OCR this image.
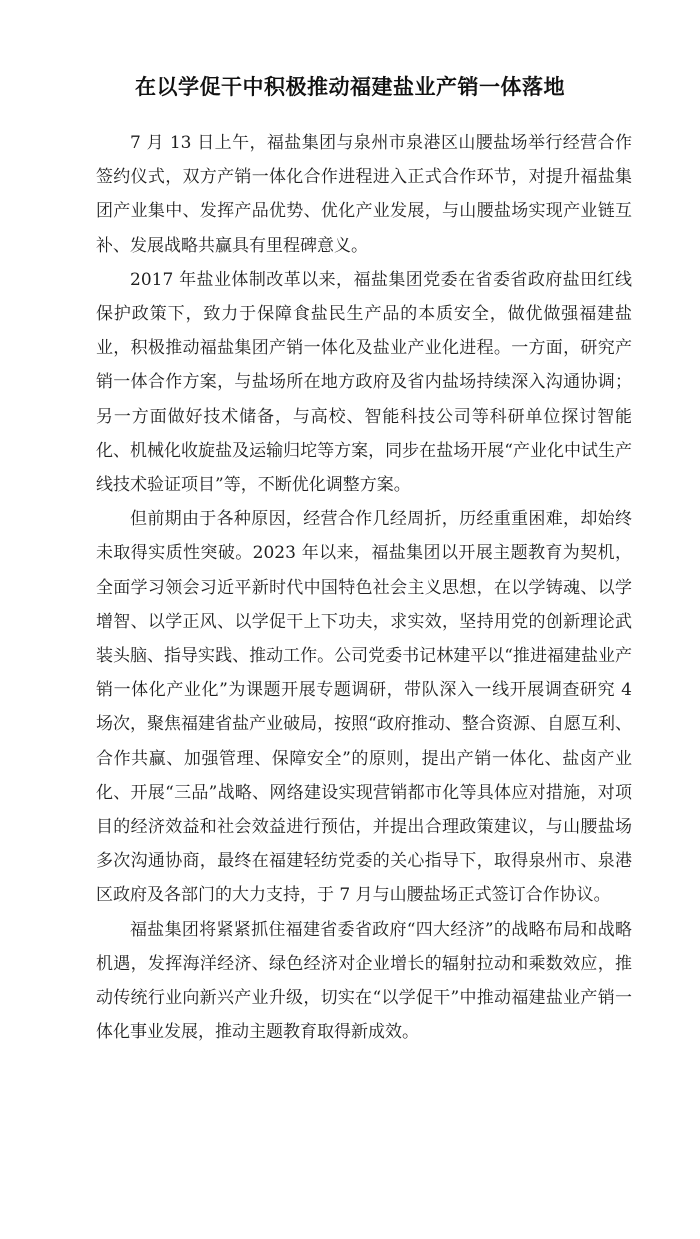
在以学促干中积极推动福建盐业产销一体落地

7 月 13 日上午，福盐集团与泉州市泉港区山腰盐场举行经营合作签约仪式，双方产销一体化合作进程进入正式合作环节，对提升福盐集团产业集中、发挥产品优势、优化产业发展，与山腰盐场实现产业链互补、发展战略共赢具有里程碑意义。

2017 年盐业体制改革以来，福盐集团党委在省委省政府盐田红线保护政策下，致力于保障食盐民生产品的本质安全，做优做强福建盐业，积极推动福盐集团产销一体化及盐业产业化进程。一方面，研究产销一体合作方案，与盐场所在地方政府及省内盐场持续深入沟通协调；另一方面做好技术储备，与高校、智能科技公司等科研单位探讨智能化、机械化收旋盐及运输归坨等方案，同步在盐场开展“产业化中试生产线技术验证项目”等，不断优化调整方案。

但前期由于各种原因，经营合作几经周折，历经重重困难，却始终未取得实质性突破。2023 年以来，福盐集团以开展主题教育为契机，全面学习领会习近平新时代中国特色社会主义思想，在以学铸魂、以学增智、以学正风、以学促干上下功夫，求实效，坚持用党的创新理论武装头脑、指导实践、推动工作。公司党委书记林建平以“推进福建盐业产销一体化产业化”为课题开展专题调研，带队深入一线开展调查研究 4 场次，聚焦福建省盐产业破局，按照“政府推动、整合资源、自愿互利、合作共赢、加强管理、保障安全”的原则，提出产销一体化、盐卤产业化、开展“三品”战略、网络建设实现营销都市化等具体应对措施，对项目的经济效益和社会效益进行预估，并提出合理政策建议，与山腰盐场多次沟通协商，最终在福建轻纺党委的关心指导下，取得泉州市、泉港区政府及各部门的大力支持，于 7 月与山腰盐场正式签订合作协议。

福盐集团将紧紧抓住福建省委省政府“四大经济”的战略布局和战略机遇，发挥海洋经济、绿色经济对企业增长的辐射拉动和乘数效应，推动传统行业向新兴产业升级，切实在“以学促干”中推动福建盐业产销一体化事业发展，推动主题教育取得新成效。
